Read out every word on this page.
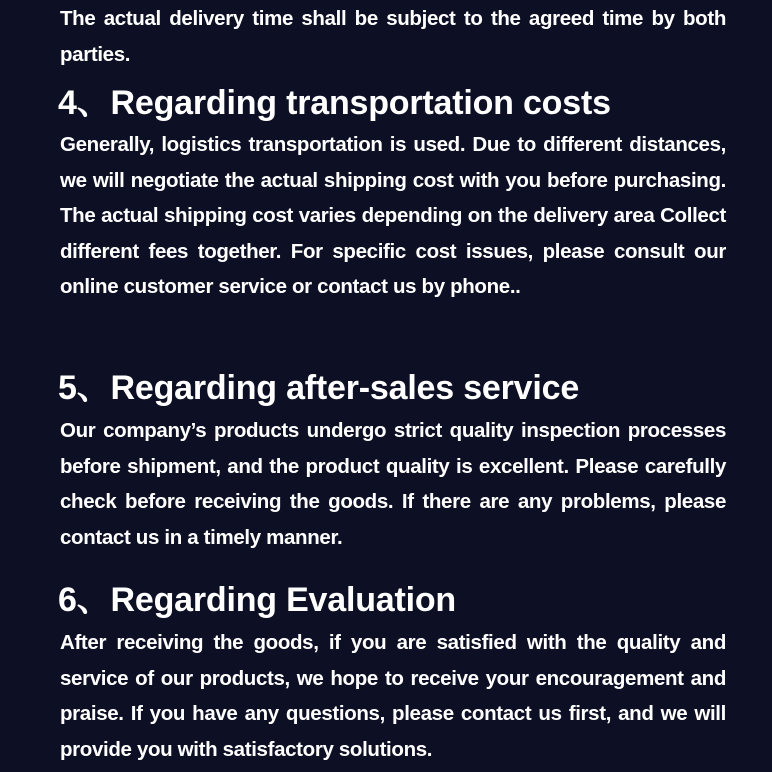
The actual delivery time shall be subject to the agreed time by both parties.

4、Regarding transportation costs

Generally, logistics transportation is used. Due to different distances, we will negotiate the actual shipping cost with you before purchasing. The actual shipping cost varies depending on the delivery area Collect different fees together. For specific cost issues, please consult our online customer service or contact us by phone..

5、Regarding after-sales service

Our company’s products undergo strict quality inspection processes before shipment, and the product quality is excellent. Please carefully check before receiving the goods. If there are any problems, please contact us in a timely manner.

6、Regarding Evaluation

After receiving the goods, if you are satisfied with the quality and service of our products, we hope to receive your encouragement and praise. If you have any questions, please contact us first, and we will provide you with satisfactory solutions.
